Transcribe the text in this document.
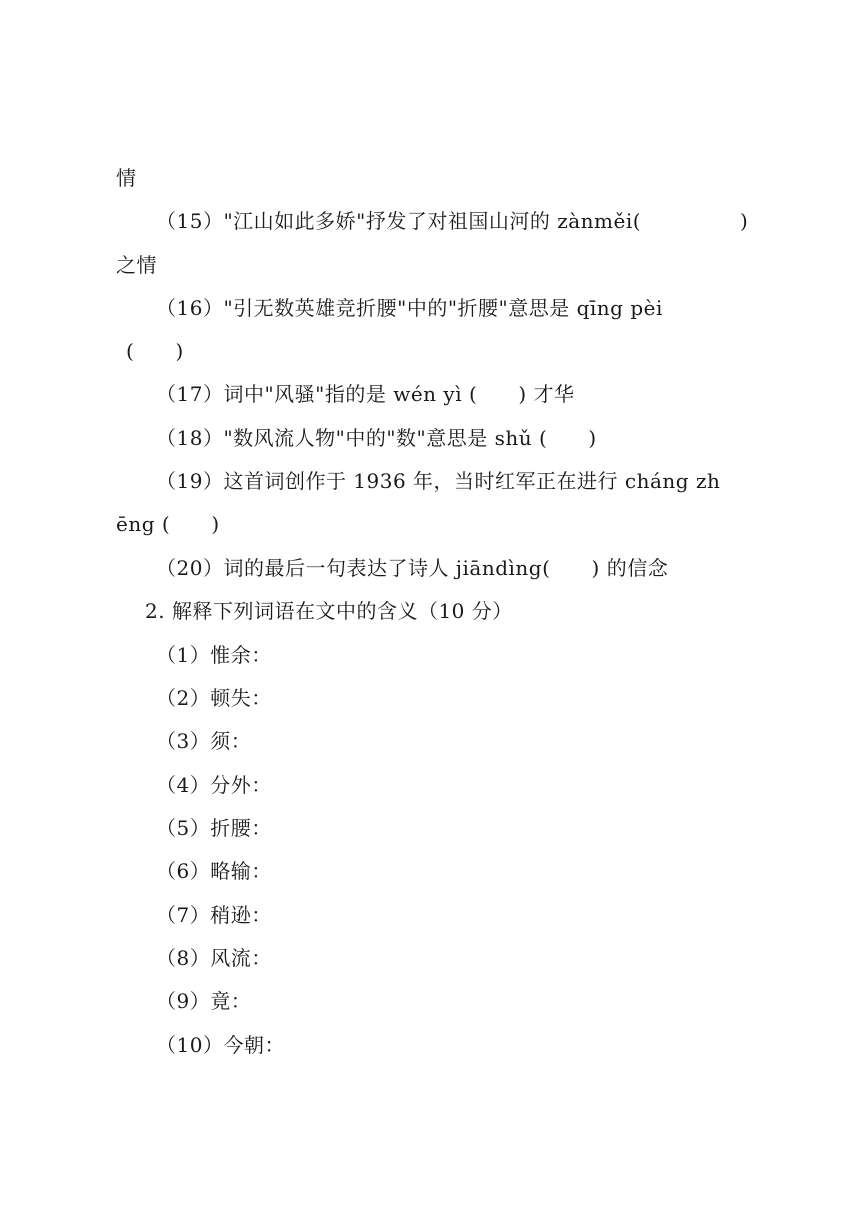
情
（15）"江山如此多娇"抒发了对祖国山河的 zànměi(	)
之情
（16）"引无数英雄竞折腰"中的"折腰"意思是 qīng pèi
(      )
（17）词中"风骚"指的是 wén yì (      ) 才华
（18）"数风流人物"中的"数"意思是 shǔ (      )
（19）这首词创作于 1936 年，当时红军正在进行 cháng zh
ēng (      )
（20）词的最后一句表达了诗人 jiāndìng(      ) 的信念
2. 解释下列词语在文中的含义（10 分）
（1）惟余：
（2）顿失：
（3）须：
（4）分外：
（5）折腰：
（6）略输：
（7）稍逊：
（8）风流：
（9）竟：
（10）今朝：
